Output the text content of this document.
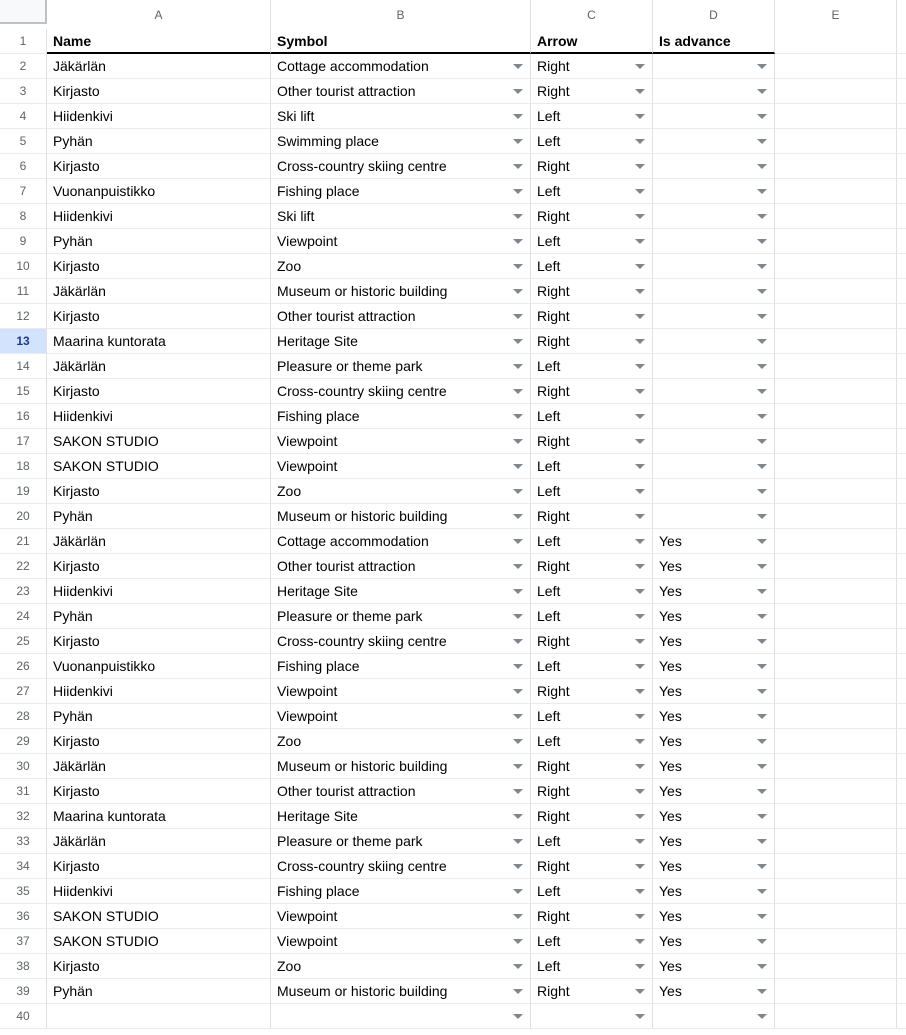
A	B	C	D	E
1	Name	Symbol	Arrow	Is advance
2	Jäkärlän	Cottage accommodation	Right
3	Kirjasto	Other tourist attraction	Right
4	Hiidenkivi	Ski lift	Left
5	Pyhän	Swimming place	Left
6	Kirjasto	Cross-country skiing centre	Right
7	Vuonanpuistikko	Fishing place	Left
8	Hiidenkivi	Ski lift	Right
9	Pyhän	Viewpoint	Left
10	Kirjasto	Zoo	Left
11	Jäkärlän	Museum or historic building	Right
12	Kirjasto	Other tourist attraction	Right
13	Maarina kuntorata	Heritage Site	Right
14	Jäkärlän	Pleasure or theme park	Left
15	Kirjasto	Cross-country skiing centre	Right
16	Hiidenkivi	Fishing place	Left
17	SAKON STUDIO	Viewpoint	Right
18	SAKON STUDIO	Viewpoint	Left
19	Kirjasto	Zoo	Left
20	Pyhän	Museum or historic building	Right
21	Jäkärlän	Cottage accommodation	Left	Yes
22	Kirjasto	Other tourist attraction	Right	Yes
23	Hiidenkivi	Heritage Site	Left	Yes
24	Pyhän	Pleasure or theme park	Left	Yes
25	Kirjasto	Cross-country skiing centre	Right	Yes
26	Vuonanpuistikko	Fishing place	Left	Yes
27	Hiidenkivi	Viewpoint	Right	Yes
28	Pyhän	Viewpoint	Left	Yes
29	Kirjasto	Zoo	Left	Yes
30	Jäkärlän	Museum or historic building	Right	Yes
31	Kirjasto	Other tourist attraction	Right	Yes
32	Maarina kuntorata	Heritage Site	Right	Yes
33	Jäkärlän	Pleasure or theme park	Left	Yes
34	Kirjasto	Cross-country skiing centre	Right	Yes
35	Hiidenkivi	Fishing place	Left	Yes
36	SAKON STUDIO	Viewpoint	Right	Yes
37	SAKON STUDIO	Viewpoint	Left	Yes
38	Kirjasto	Zoo	Left	Yes
39	Pyhän	Museum or historic building	Right	Yes
40
